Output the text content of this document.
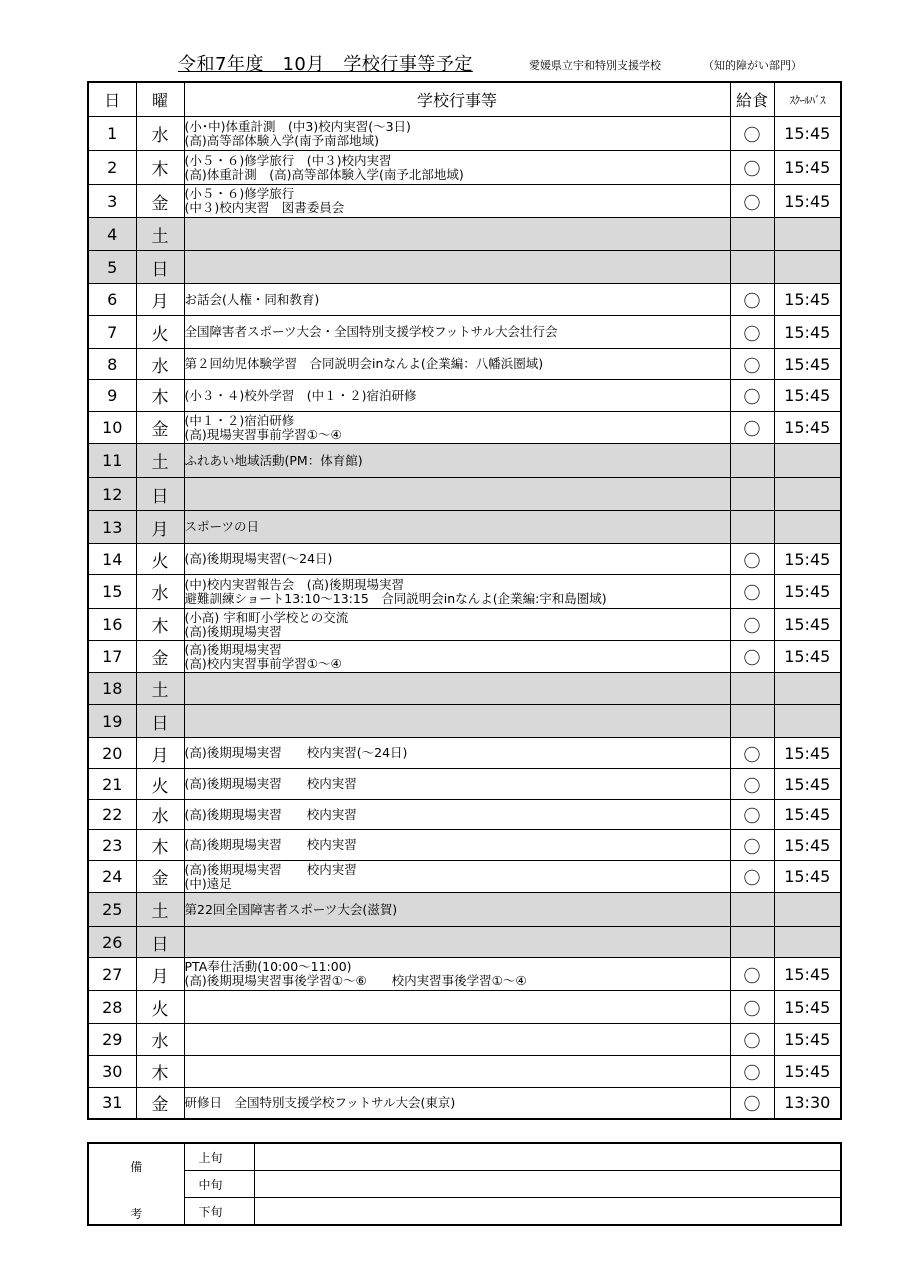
令和7年度　10月　学校行事等予定	愛媛県立宇和特別支援学校	（知的障がい部門）
日	曜	学校行事等	給食	ｽｸｰﾙﾊﾞｽ
1	水	(小･中)体重計測　(中3)校内実習(～3日)
(高)高等部体験入学(南予南部地域)	〇	15:45
2	木	(小５・６)修学旅行　(中３)校内実習
(高)体重計測　(高)高等部体験入学(南予北部地域)	〇	15:45
3	金	(小５・６)修学旅行
(中３)校内実習　図書委員会	〇	15:45
4	土			
5	日			
6	月	お話会(人権・同和教育)	〇	15:45
7	火	全国障害者スポーツ大会・全国特別支援学校フットサル大会壮行会	〇	15:45
8	水	第２回幼児体験学習　合同説明会inなんよ(企業編：八幡浜圏域)	〇	15:45
9	木	(小３・４)校外学習　(中１・２)宿泊研修	〇	15:45
10	金	(中１・２)宿泊研修
(高)現場実習事前学習①～④	〇	15:45
11	土	ふれあい地域活動(PM：体育館)		

12	日			
13	月	スポーツの日		

14	火	(高)後期現場実習(～24日)	〇	15:45
15	水	(中)校内実習報告会　(高)後期現場実習
避難訓練ショート13:10～13:15　合同説明会inなんよ(企業編:宇和島圏域)	〇	15:45
16	木	(小高) 宇和町小学校との交流
(高)後期現場実習	〇	15:45
17	金	(高)後期現場実習
(高)校内実習事前学習①～④	〇	15:45
18	土			
19	日			
20	月	(高)後期現場実習　　校内実習(～24日)	〇	15:45
21	火	(高)後期現場実習　　校内実習	〇	15:45
22	水	(高)後期現場実習　　校内実習	〇	15:45
23	木	(高)後期現場実習　　校内実習	〇	15:45
24	金	(高)後期現場実習　　校内実習
(中)遠足	〇	15:45
25	土	第22回全国障害者スポーツ大会(滋賀)		

26	日			
27	月	PTA奉仕活動(10:00～11:00)
(高)後期現場実習事後学習①～⑥　　校内実習事後学習①～④	〇	15:45
28	火		〇	15:45
29	水		〇	15:45
30	木		〇	15:45
31	金	研修日　全国特別支援学校フットサル大会(東京)	〇	13:30
備
考	上旬	
	中旬	
	下旬	
